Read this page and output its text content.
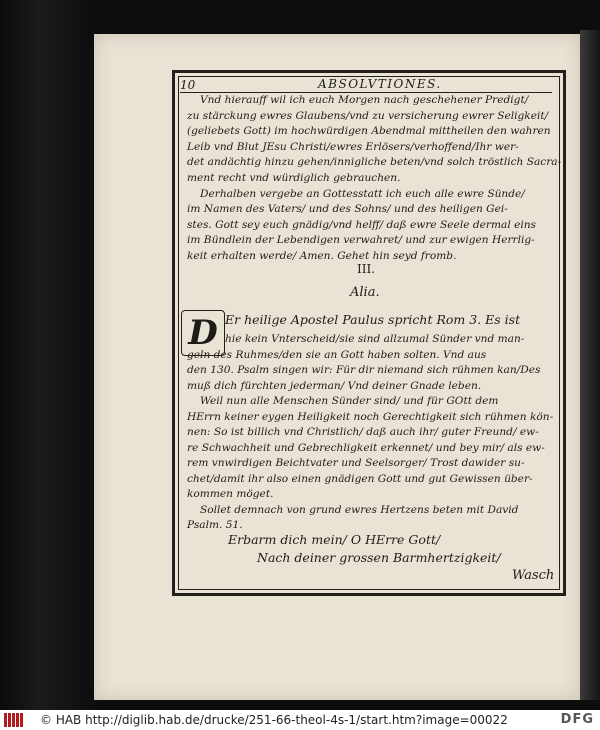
10	ABSOLVTIONES.
Vnd hierauff wil ich euch Morgen nach geschehener Predigt/
zu stärckung ewres Glaubens/vnd zu versicherung ewrer Seligkeit/
(geliebets Gott) im hochwürdigen Abendmal mittheilen den wahren
Leib vnd Blut JEsu Christi/ewres Erlösers/verhoffend/Ihr wer-
det andächtig hinzu gehen/innigliche beten/vnd solch tröstlich Sacra-
ment recht vnd würdiglich gebrauchen.
Derhalben vergebe an Gottesstatt ich euch alle ewre Sünde/
im Namen des Vaters/ und des Sohns/ und des heiligen Gei-
stes. Gott sey euch gnädig/vnd helff/ daß ewre Seele dermal eins
im Bündlein der Lebendigen verwahret/ und zur ewigen Herrlig-
keit erhalten werde/ Amen. Gehet hin seyd fromb.
III.
Alia.
D Er heilige Apostel Paulus spricht Rom 3. Es ist
hie kein Vnterscheid/sie sind allzumal Sünder vnd man-
geln des Ruhmes/den sie an Gott haben solten. Vnd aus
den 130. Psalm singen wir: Für dir niemand sich rühmen kan/Des
muß dich fürchten jederman/ Vnd deiner Gnade leben.
Weil nun alle Menschen Sünder sind/ und für GOtt dem
HErrn keiner eygen Heiligkeit noch Gerechtigkeit sich rühmen kön-
nen: So ist billich vnd Christlich/ daß auch ihr/ guter Freund/ ew-
re Schwachheit und Gebrechligkeit erkennet/ und bey mir/ als ew-
rem vnwirdigen Beichtvater und Seelsorger/ Trost dawider su-
chet/damit ihr also einen gnädigen Gott und gut Gewissen über-
kommen möget.
Sollet demnach von grund ewres Hertzens beten mit David
Psalm. 51.
Erbarm dich mein/ O HErre Gott/
Nach deiner grossen Barmhertzigkeit/
Wasch
© HAB http://diglib.hab.de/drucke/251-66-theol-4s-1/start.htm?image=00022	DFG
